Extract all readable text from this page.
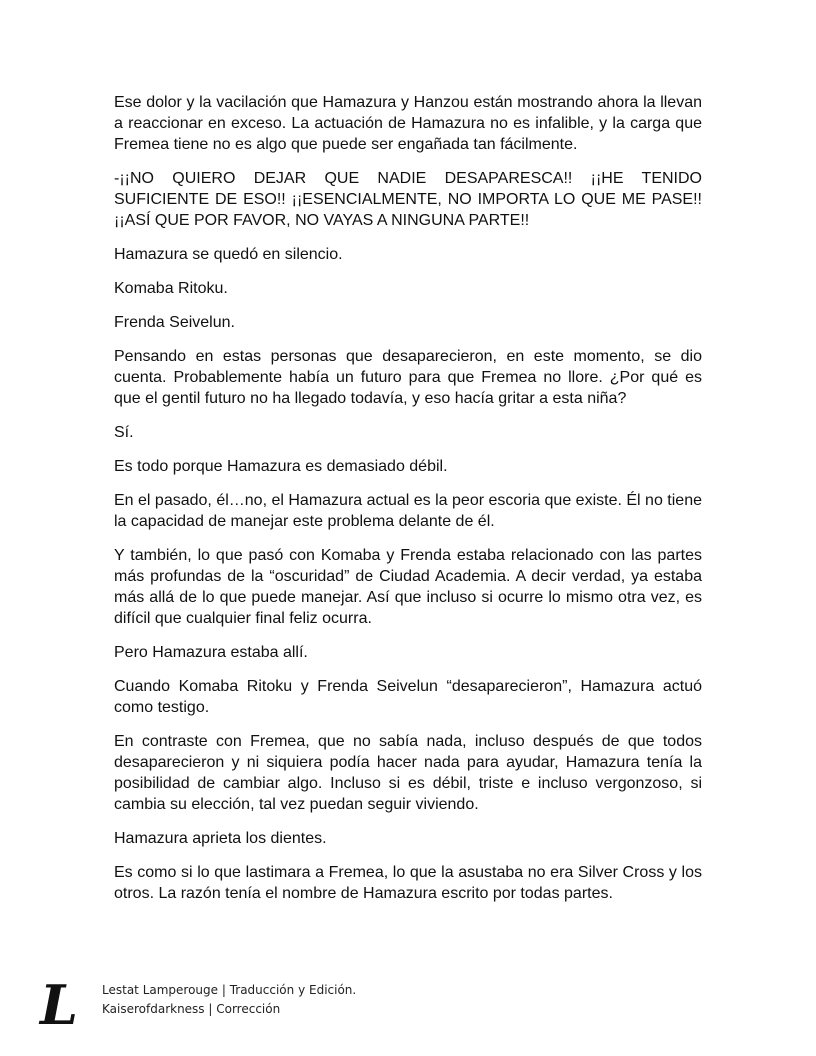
Ese dolor y la vacilación que Hamazura y Hanzou están mostrando ahora la llevan a reaccionar en exceso. La actuación de Hamazura no es infalible, y la carga que Fremea tiene no es algo que puede ser engañada tan fácilmente.

-¡¡NO QUIERO DEJAR QUE NADIE DESAPARESCA!! ¡¡HE TENIDO SUFICIENTE DE ESO!! ¡¡ESENCIALMENTE, NO IMPORTA LO QUE ME PASE!! ¡¡ASÍ QUE POR FAVOR, NO VAYAS A NINGUNA PARTE!!

Hamazura se quedó en silencio.

Komaba Ritoku.

Frenda Seivelun.

Pensando en estas personas que desaparecieron, en este momento, se dio cuenta. Probablemente había un futuro para que Fremea no llore. ¿Por qué es que el gentil futuro no ha llegado todavía, y eso hacía gritar a esta niña?

Sí.

Es todo porque Hamazura es demasiado débil.

En el pasado, él…no, el Hamazura actual es la peor escoria que existe. Él no tiene la capacidad de manejar este problema delante de él.

Y también, lo que pasó con Komaba y Frenda estaba relacionado con las partes más profundas de la “oscuridad” de Ciudad Academia. A decir verdad, ya estaba más allá de lo que puede manejar. Así que incluso si ocurre lo mismo otra vez, es difícil que cualquier final feliz ocurra.

Pero Hamazura estaba allí.

Cuando Komaba Ritoku y Frenda Seivelun “desaparecieron”, Hamazura actuó como testigo.

En contraste con Fremea, que no sabía nada, incluso después de que todos desaparecieron y ni siquiera podía hacer nada para ayudar, Hamazura tenía la posibilidad de cambiar algo. Incluso si es débil, triste e incluso vergonzoso, si cambia su elección, tal vez puedan seguir viviendo.

Hamazura aprieta los dientes.

Es como si lo que lastimara a Fremea, lo que la asustaba no era Silver Cross y los otros. La razón tenía el nombre de Hamazura escrito por todas partes.

L	Lestat Lamperouge | Traducción y Edición.
Kaiserofdarkness | Corrección
